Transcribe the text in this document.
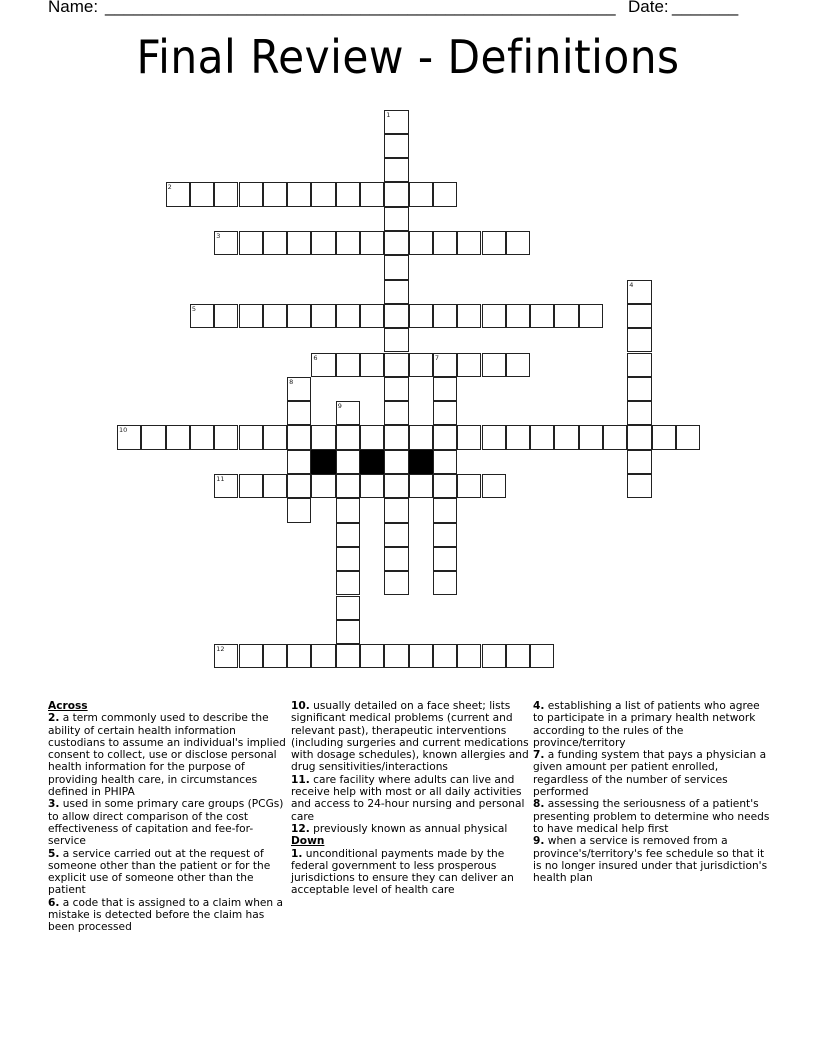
Name: ______________________________________________________ Date: _______
Final Review - Definitions
1
2
3
4
5
6	7
8
9
10
11
12
Across
2. a term commonly used to describe the ability of certain health information custodians to assume an individual's implied consent to collect, use or disclose personal health information for the purpose of providing health care, in circumstances defined in PHIPA
3. used in some primary care groups (PCGs) to allow direct comparison of the cost effectiveness of capitation and fee-for-service
5. a service carried out at the request of someone other than the patient or for the explicit use of someone other than the patient
6. a code that is assigned to a claim when a mistake is detected before the claim has been processed
10. usually detailed on a face sheet; lists significant medical problems (current and relevant past), therapeutic interventions (including surgeries and current medications with dosage schedules), known allergies and drug sensitivities/interactions
11. care facility where adults can live and receive help with most or all daily activities and access to 24-hour nursing and personal care
12. previously known as annual physical
Down
1. unconditional payments made by the federal government to less prosperous jurisdictions to ensure they can deliver an acceptable level of health care
4. establishing a list of patients who agree to participate in a primary health network according to the rules of the province/territory
7. a funding system that pays a physician a given amount per patient enrolled, regardless of the number of services performed
8. assessing the seriousness of a patient's presenting problem to determine who needs to have medical help first
9. when a service is removed from a province's/territory's fee schedule so that it is no longer insured under that jurisdiction's health plan
